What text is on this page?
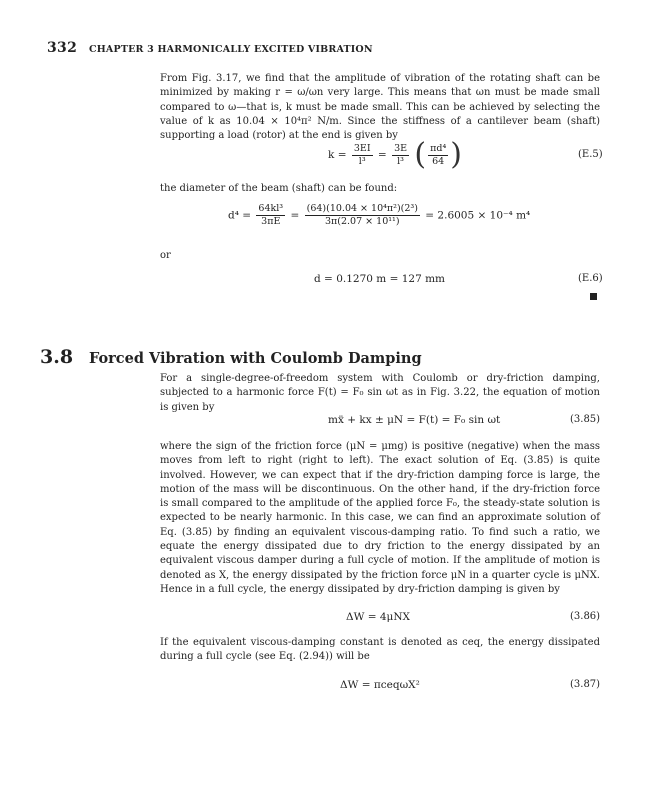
332 CHAPTER 3 HARMONICALLY EXCITED VIBRATION
From Fig. 3.17, we find that the amplitude of vibration of the rotating shaft can be minimized by making r = ω/ωn very large. This means that ωn must be made small compared to ω—that is, k must be made small. This can be achieved by selecting the value of k as 10.04 × 10⁴π² N/m. Since the stiffness of a cantilever beam (shaft) supporting a load (rotor) at the end is given by
$k = \frac{3EI}{\text{l³}} = \frac{3E}{\text{l³}}$ ( $\frac{\text{πd⁴}}{64}$ )	(E.5)
the diameter of the beam (shaft) can be found:
$d^4 = \frac{\text{64kl³}}{3\pi E} = \frac{\text{(64)(10.04 × 10⁴π²)(2³)}}{\text{3π(2.07 × 10¹¹)}} = 2.6005 \times 10^{-4}$ m⁴
or
d = 0.1270 m = 127 mm	(E.6)
3.8 Forced Vibration with Coulomb Damping
For a single-degree-of-freedom system with Coulomb or dry-friction damping, subjected to a harmonic force F(t) = F₀ sin ωt as in Fig. 3.22, the equation of motion is given by
mẍ + kx ± μN = F(t) = F₀ sin ωt	(3.85)
where the sign of the friction force (μN = μmg) is positive (negative) when the mass moves from left to right (right to left). The exact solution of Eq. (3.85) is quite involved. However, we can expect that if the dry-friction damping force is large, the motion of the mass will be discontinuous. On the other hand, if the dry-friction force is small compared to the amplitude of the applied force F₀, the steady-state solution is expected to be nearly harmonic. In this case, we can find an approximate solution of Eq. (3.85) by finding an equivalent viscous-damping ratio. To find such a ratio, we equate the energy dissipated due to dry friction to the energy dissipated by an equivalent viscous damper during a full cycle of motion. If the amplitude of motion is denoted as X, the energy dissipated by the friction force μN in a quarter cycle is μNX. Hence in a full cycle, the energy dissipated by dry-friction damping is given by
ΔW = 4μNX	(3.86)
If the equivalent viscous-damping constant is denoted as ceq, the energy dissipated during a full cycle (see Eq. (2.94)) will be
ΔW = πceqωX²	(3.87)
